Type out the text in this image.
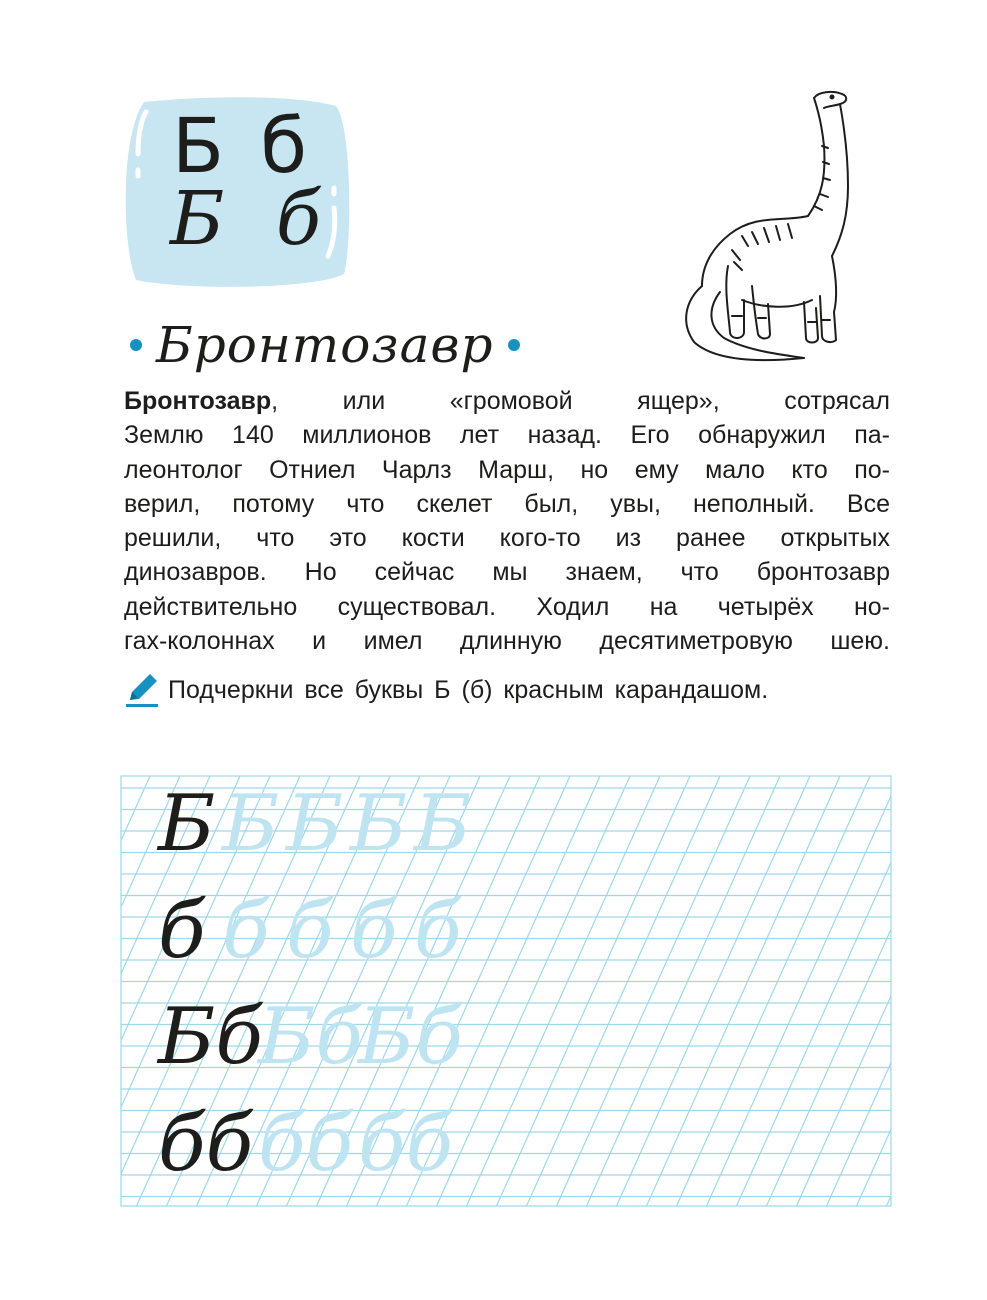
Б б
Б б
Бронтозавр
Бронтозавр, или «громовой ящер», сотрясал
Землю 140 миллионов лет назад. Его обнаружил па-
леонтолог Отниел Чарлз Марш, но ему мало кто по-
верил, потому что скелет был, увы, неполный. Все
решили, что это кости кого-то из ранее открытых
динозавров. Но сейчас мы знаем, что бронтозавр
действительно существовал. Ходил на четырёх но-
гах-колоннах и имел длинную десятиметровую шею.
Подчеркни все буквы Б (б) красным карандашом.
Б Б Б Б Б
б б б б б
Бб
Бб
Бб
бб бб бб
